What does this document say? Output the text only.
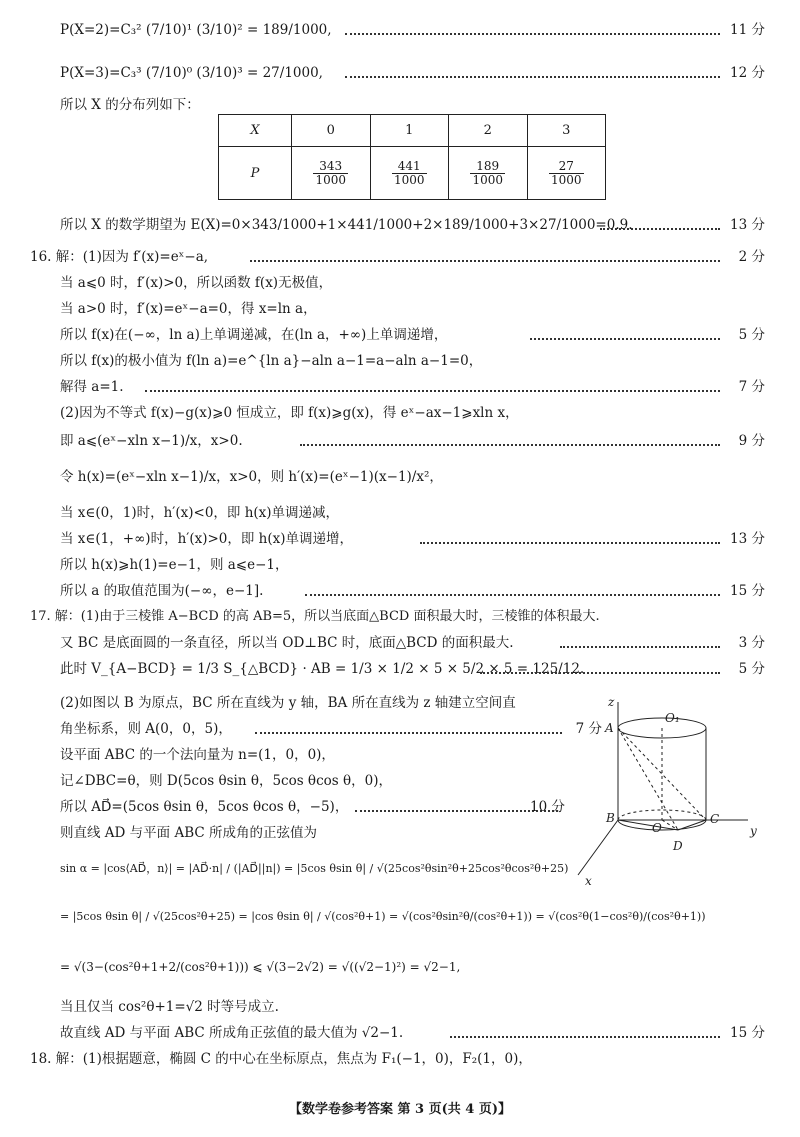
P(X=2)=C₃² (7/10)¹ (3/10)² = 189/1000,	11 分
P(X=3)=C₃³ (7/10)⁰ (3/10)³ = 27/1000,	12 分
所以 X 的分布列如下：
X	0	1	2	3
P	$\frac{343}{1000}$	$\frac{441}{1000}$	$\frac{189}{1000}$	$\frac{27}{1000}$
所以 X 的数学期望为 E(X)=0×343/1000+1×441/1000+2×189/1000+3×27/1000=0.9.	13 分
16. 解：(1)因为 f′(x)=eˣ−a,	2 分
当 a⩽0 时，f′(x)>0，所以函数 f(x)无极值，
当 a>0 时，f′(x)=eˣ−a=0，得 x=ln a，
所以 f(x)在(−∞，ln a)上单调递减，在(ln a，+∞)上单调递增，	5 分
所以 f(x)的极小值为 f(ln a)=e^{ln a}−aln a−1=a−aln a−1=0，
解得 a=1.	7 分
(2)因为不等式 f(x)−g(x)⩾0 恒成立，即 f(x)⩾g(x)，得 eˣ−ax−1⩾xln x，
即 a⩽(eˣ−xln x−1)/x，x>0.	9 分
令 h(x)=(eˣ−xln x−1)/x，x>0，则 h′(x)=(eˣ−1)(x−1)/x²，
当 x∈(0，1)时，h′(x)<0，即 h(x)单调递减，
当 x∈(1，+∞)时，h′(x)>0，即 h(x)单调递增，	13 分
所以 h(x)⩾h(1)=e−1，则 a⩽e−1，
所以 a 的取值范围为(−∞，e−1].	15 分
17. 解：(1)由于三棱锥 A−BCD 的高 AB=5，所以当底面△BCD 面积最大时，三棱锥的体积最大.
又 BC 是底面圆的一条直径，所以当 OD⊥BC 时，底面△BCD 的面积最大.	3 分
此时 V_{A−BCD} = 1/3 S_{△BCD} · AB = 1/3 × 1/2 × 5 × 5/2 × 5 = 125/12.	5 分
(2)如图以 B 为原点，BC 所在直线为 y 轴，BA 所在直线为 z 轴建立空间直
角坐标系，则 A(0，0，5)，	7 分
设平面 ABC 的一个法向量为 n=(1，0，0)，
记∠DBC=θ，则 D(5cos θsin θ，5cos θcos θ，0)，
所以 AD⃗=(5cos θsin θ，5cos θcos θ，−5)，	10 分
则直线 AD 与平面 ABC 所成角的正弦值为
sin α = |cos⟨AD⃗，n⟩| = |AD⃗·n| / (|AD⃗||n|) = |5cos θsin θ| / √(25cos²θsin²θ+25cos²θcos²θ+25)
= |5cos θsin θ| / √(25cos²θ+25) = |cos θsin θ| / √(cos²θ+1) = √(cos²θsin²θ/(cos²θ+1)) = √(cos²θ(1−cos²θ)/(cos²θ+1))
= √(3−(cos²θ+1+2/(cos²θ+1))) ⩽ √(3−2√2) = √((√2−1)²) = √2−1,
当且仅当 cos²θ+1=√2 时等号成立.
故直线 AD 与平面 ABC 所成角正弦值的最大值为 √2−1.	15 分
18. 解：(1)根据题意，椭圆 C 的中心在坐标原点，焦点为 F₁(−1，0)，F₂(1，0)，
z
A
O₁
B
O
C
y
D
x
【数学卷参考答案 第 3 页(共 4 页)】
